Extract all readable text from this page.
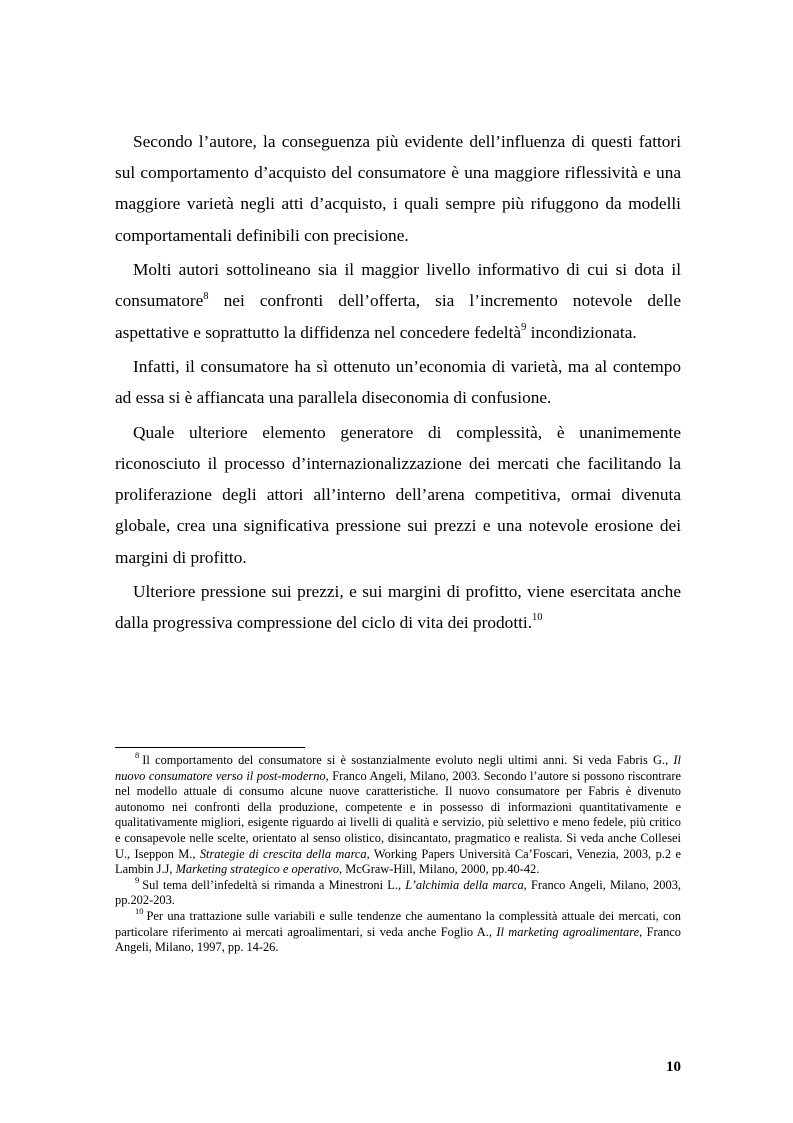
Secondo l’autore, la conseguenza più evidente dell’influenza di questi fattori sul comportamento d’acquisto del consumatore è una maggiore riflessività e una maggiore varietà negli atti d’acquisto, i quali sempre più rifuggono da modelli comportamentali definibili con precisione.

Molti autori sottolineano sia il maggior livello informativo di cui si dota il consumatore$^8$ nei confronti dell’offerta, sia l’incremento notevole delle aspettative e soprattutto la diffidenza nel concedere fedeltà$^9$ incondizionata.

Infatti, il consumatore ha sì ottenuto un’economia di varietà, ma al contempo ad essa si è affiancata una parallela diseconomia di confusione.

Quale ulteriore elemento generatore di complessità, è unanimemente riconosciuto il processo d’internazionalizzazione dei mercati che facilitando la proliferazione degli attori all’interno dell’arena competitiva, ormai divenuta globale, crea una significativa pressione sui prezzi e una notevole erosione dei margini di profitto.

Ulteriore pressione sui prezzi, e sui margini di profitto, viene esercitata anche dalla progressiva compressione del ciclo di vita dei prodotti.$^{10}$

$^8$ Il comportamento del consumatore si è sostanzialmente evoluto negli ultimi anni. Si veda Fabris G., Il nuovo consumatore verso il post-moderno, Franco Angeli, Milano, 2003. Secondo l’autore si possono riscontrare nel modello attuale di consumo alcune nuove caratteristiche. Il nuovo consumatore per Fabris è divenuto autonomo nei confronti della produzione, competente e in possesso di informazioni quantitativamente e qualitativamente migliori, esigente riguardo ai livelli di qualità e servizio, più selettivo e meno fedele, più critico e consapevole nelle scelte, orientato al senso olistico, disincantato, pragmatico e realista. Si veda anche Collesei U., Iseppon M., Strategie di crescita della marca, Working Papers Università Ca’Foscari, Venezia, 2003, p.2 e Lambin J.J, Marketing strategico e operativo, McGraw-Hill, Milano, 2000, pp.40-42.

$^9$ Sul tema dell’infedeltà si rimanda a Minestroni L., L’alchimia della marca, Franco Angeli, Milano, 2003, pp.202-203.

$^{10}$ Per una trattazione sulle variabili e sulle tendenze che aumentano la complessità attuale dei mercati, con particolare riferimento ai mercati agroalimentari, si veda anche Foglio A., Il marketing agroalimentare, Franco Angeli, Milano, 1997, pp. 14-26.

10
